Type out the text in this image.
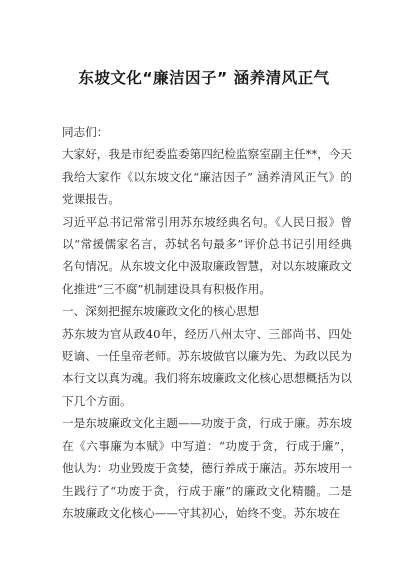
东坡文化“廉洁因子” 涵养清风正气

同志们：

大家好，我是市纪委监委第四纪检监察室副主任**，今天我给大家作《以东坡文化“廉洁因子” 涵养清风正气》的党课报告。

习近平总书记常常引用苏东坡经典名句。《人民日报》曾以“常援儒家名言，苏轼名句最多”评价总书记引用经典名句情况。从东坡文化中汲取廉政智慧，对以东坡廉政文化推进“三不腐”机制建设具有积极作用。

一、深刻把握东坡廉政文化的核心思想

苏东坡为官从政40年，经历八州太守、三部尚书、四处贬谪、一任皇帝老师。苏东坡做官以廉为先、为政以民为本行文以真为魂。我们将东坡廉政文化核心思想概括为以下几个方面。

一是东坡廉政文化主题——功废于贪，行成于廉。苏东坡在《六事廉为本赋》中写道：“功废于贪，行成于廉”，他认为：功业毁废于贪婪，德行养成于廉洁。苏东坡用一生践行了“功废于贪，行成于廉”的廉政文化精髓。二是东坡廉政文化核心——守其初心，始终不变。苏东坡在
